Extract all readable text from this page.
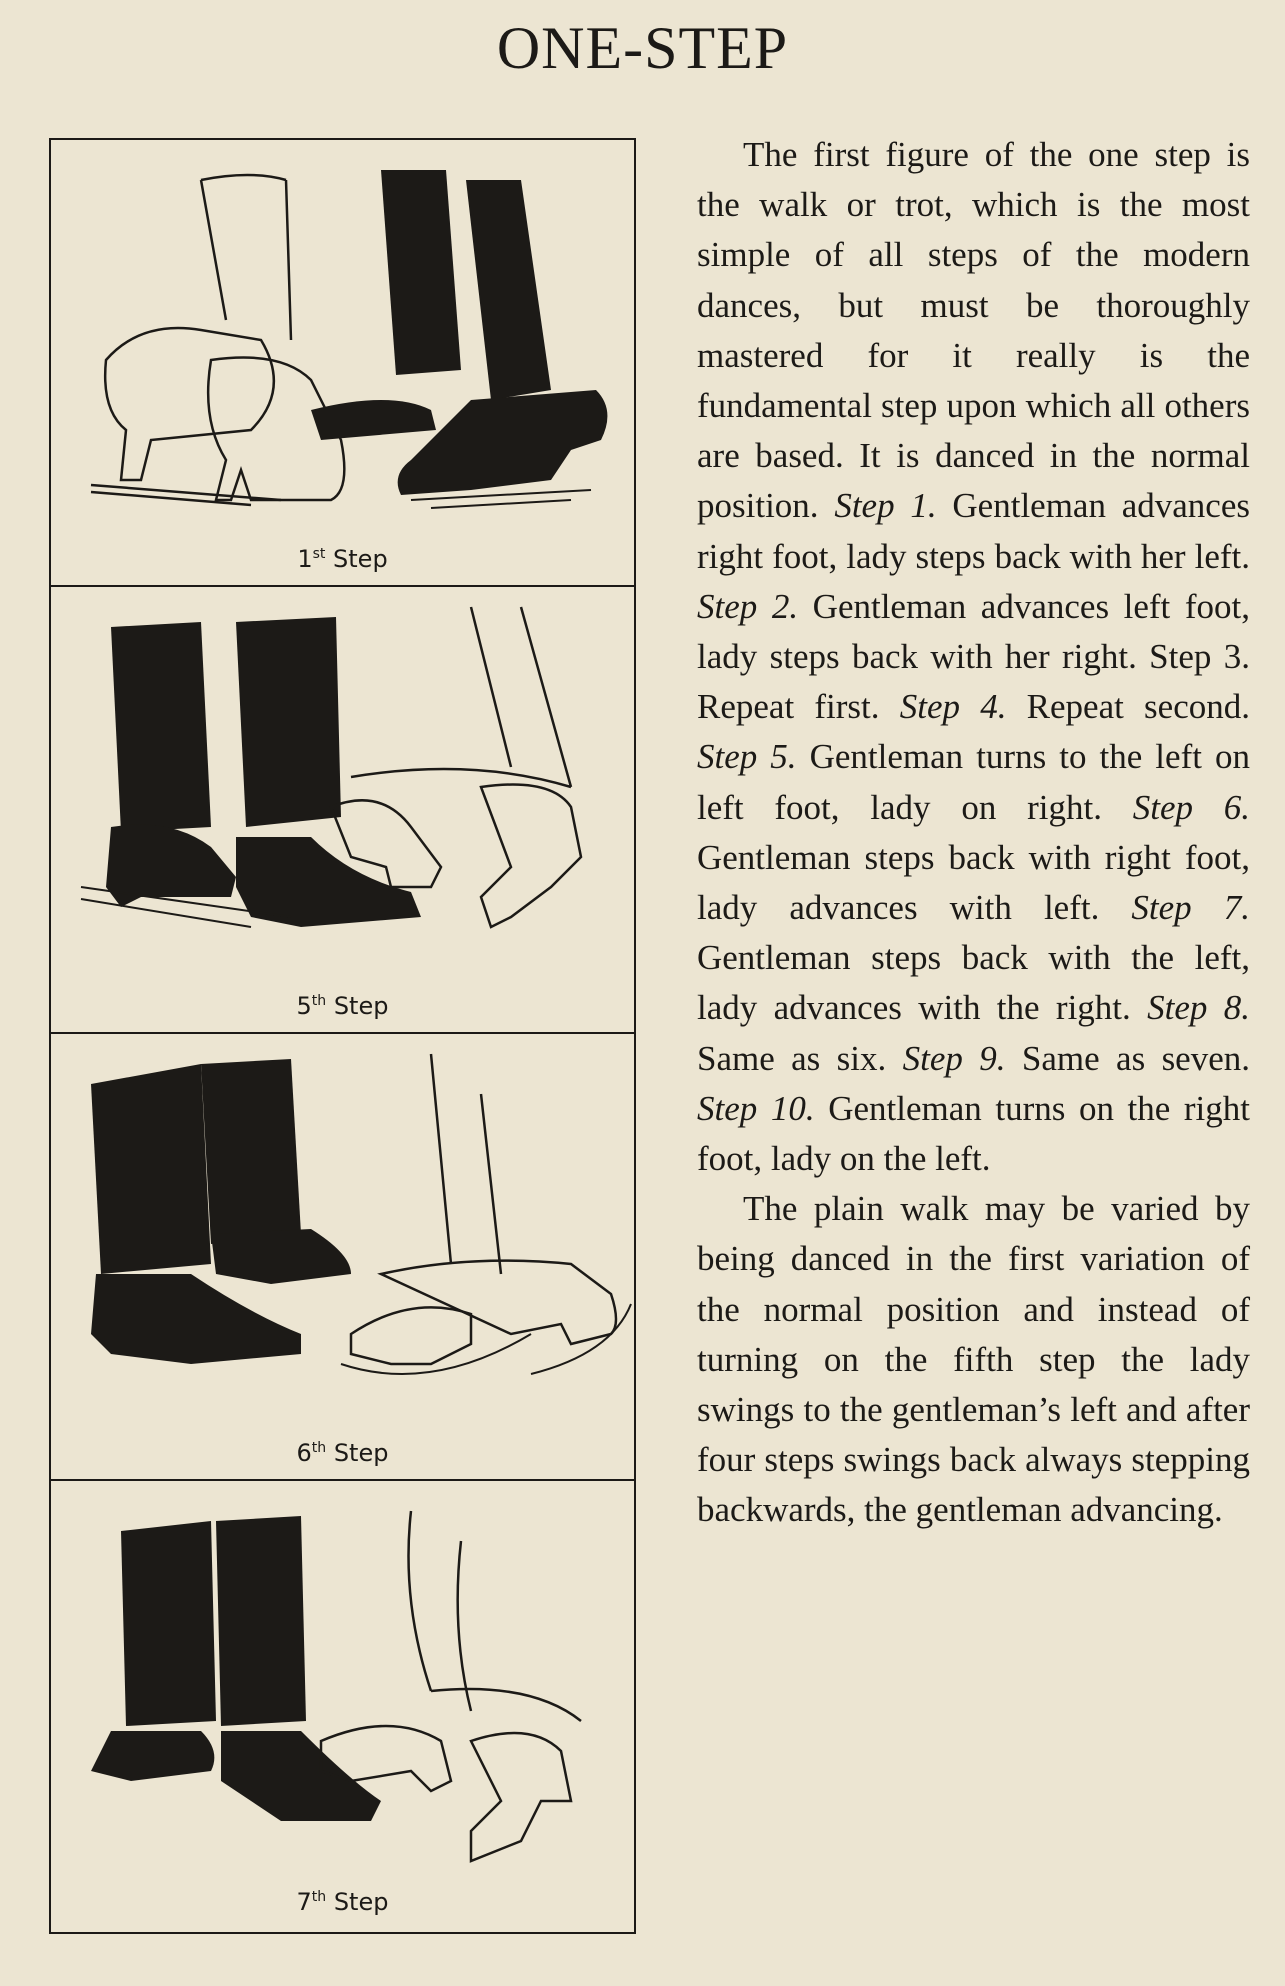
ONE-STEP
1st Step
5th Step
6th Step
7th Step

The first figure of the one step is the walk or trot, which is the most simple of all steps of the modern dances, but must be thoroughly mastered for it really is the fundamental step upon which all others are based. It is danced in the normal position. Step 1. Gentleman advances right foot, lady steps back with her left. Step 2. Gentleman advances left foot, lady steps back with her right. Step 3. Repeat first. Step 4. Repeat second. Step 5. Gentleman turns to the left on left foot, lady on right. Step 6. Gentleman steps back with right foot, lady advances with left. Step 7. Gentleman steps back with the left, lady advances with the right. Step 8. Same as six. Step 9. Same as seven. Step 10. Gentleman turns on the right foot, lady on the left.

The plain walk may be varied by being danced in the first variation of the normal position and instead of turning on the fifth step the lady swings to the gentleman’s left and after four steps swings back always stepping backwards, the gentleman advancing.
